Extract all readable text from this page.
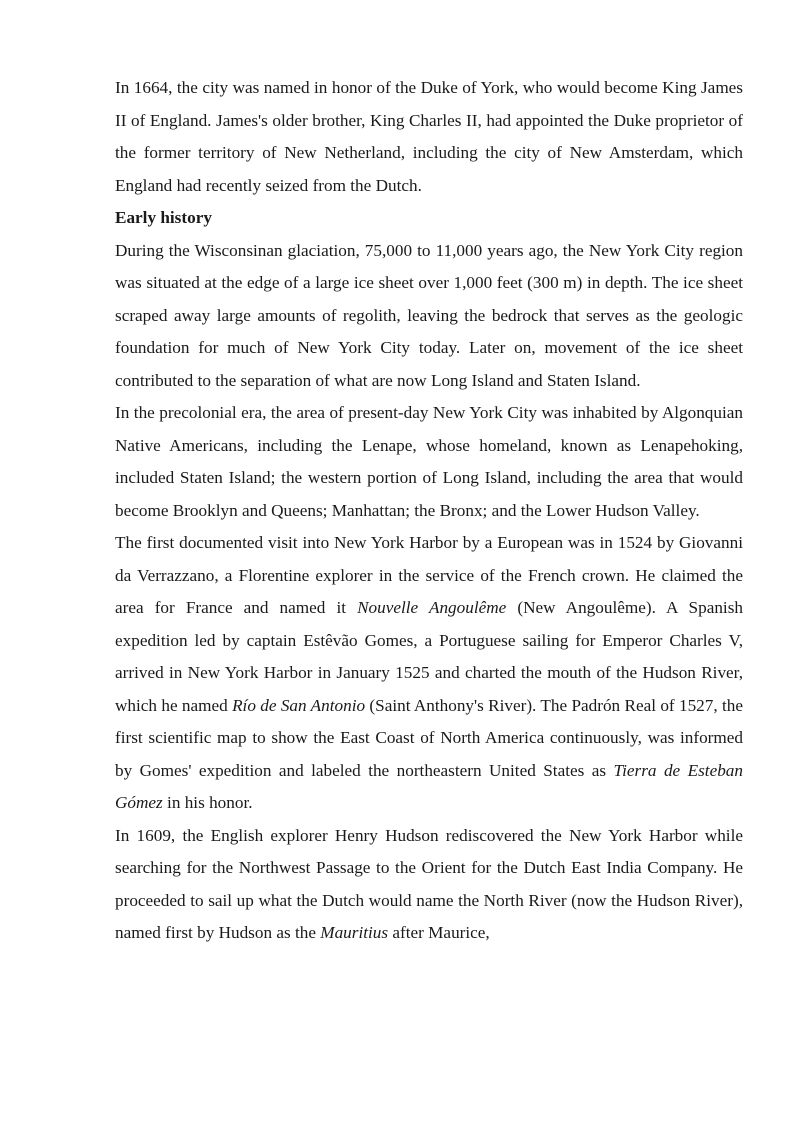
In 1664, the city was named in honor of the Duke of York, who would become King James II of England. James's older brother, King Charles II, had appointed the Duke proprietor of the former territory of New Netherland, including the city of New Amsterdam, which England had recently seized from the Dutch.

Early history

During the Wisconsinan glaciation, 75,000 to 11,000 years ago, the New York City region was situated at the edge of a large ice sheet over 1,000 feet (300 m) in depth. The ice sheet scraped away large amounts of regolith, leaving the bedrock that serves as the geologic foundation for much of New York City today. Later on, movement of the ice sheet contributed to the separation of what are now Long Island and Staten Island.

In the precolonial era, the area of present-day New York City was inhabited by Algonquian Native Americans, including the Lenape, whose homeland, known as Lenapehoking, included Staten Island; the western portion of Long Island, including the area that would become Brooklyn and Queens; Manhattan; the Bronx; and the Lower Hudson Valley.

The first documented visit into New York Harbor by a European was in 1524 by Giovanni da Verrazzano, a Florentine explorer in the service of the French crown. He claimed the area for France and named it Nouvelle Angoulême (New Angoulême). A Spanish expedition led by captain Estêvão Gomes, a Portuguese sailing for Emperor Charles V, arrived in New York Harbor in January 1525 and charted the mouth of the Hudson River, which he named Río de San Antonio (Saint Anthony's River). The Padrón Real of 1527, the first scientific map to show the East Coast of North America continuously, was informed by Gomes' expedition and labeled the northeastern United States as Tierra de Esteban Gómez in his honor.

In 1609, the English explorer Henry Hudson rediscovered the New York Harbor while searching for the Northwest Passage to the Orient for the Dutch East India Company. He proceeded to sail up what the Dutch would name the North River (now the Hudson River), named first by Hudson as the Mauritius after Maurice,
